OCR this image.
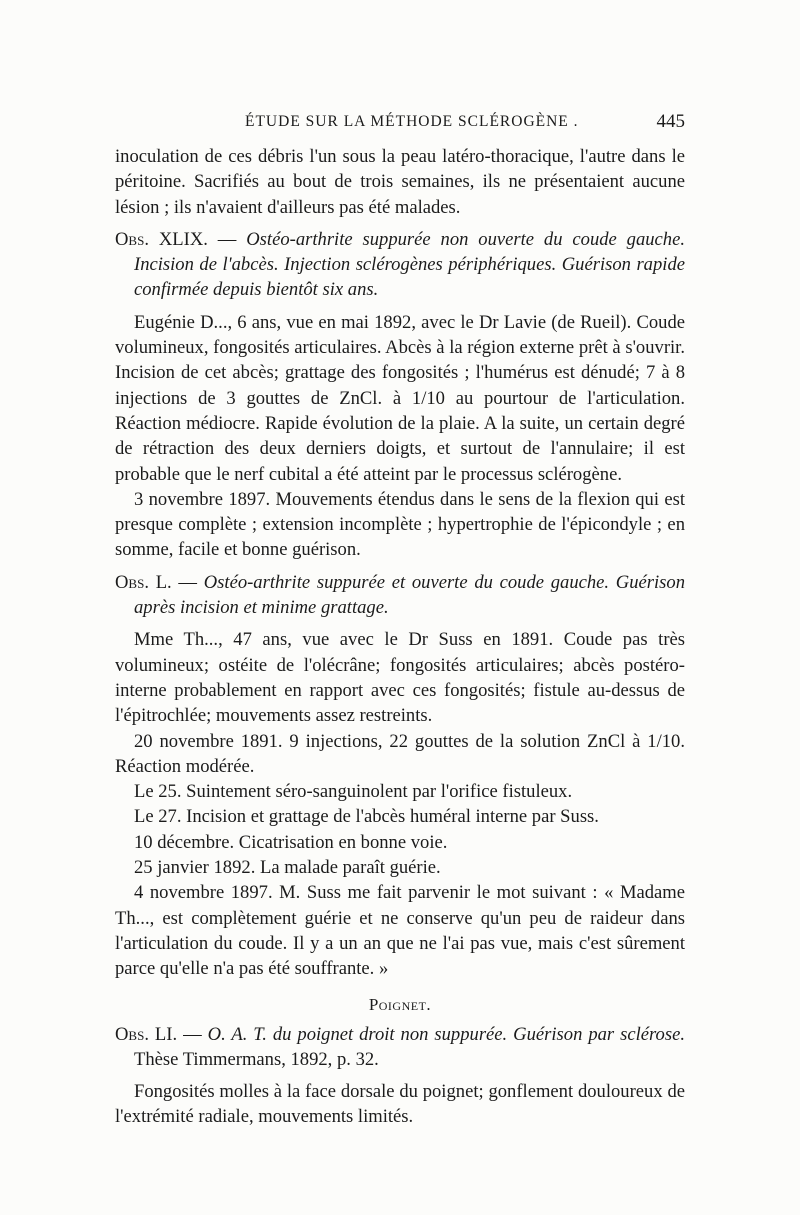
ÉTUDE SUR LA MÉTHODE SCLÉROGÈNE .	445

inoculation de ces débris l'un sous la peau latéro-thoracique, l'autre dans le péritoine. Sacrifiés au bout de trois semaines, ils ne présentaient aucune lésion ; ils n'avaient d'ailleurs pas été malades.

Obs. XLIX. — Ostéo-arthrite suppurée non ouverte du coude gauche. Incision de l'abcès. Injection sclérogènes périphériques. Guérison rapide confirmée depuis bientôt six ans.

Eugénie D..., 6 ans, vue en mai 1892, avec le Dr Lavie (de Rueil). Coude volumineux, fongosités articulaires. Abcès à la région externe prêt à s'ouvrir. Incision de cet abcès; grattage des fongosités ; l'humérus est dénudé; 7 à 8 injections de 3 gouttes de ZnCl. à 1/10 au pourtour de l'articulation. Réaction médiocre. Rapide évolution de la plaie. A la suite, un certain degré de rétraction des deux derniers doigts, et surtout de l'annulaire; il est probable que le nerf cubital a été atteint par le processus sclérogène.

3 novembre 1897. Mouvements étendus dans le sens de la flexion qui est presque complète ; extension incomplète ; hypertrophie de l'épicondyle ; en somme, facile et bonne guérison.

Obs. L. — Ostéo-arthrite suppurée et ouverte du coude gauche. Guérison après incision et minime grattage.

Mme Th..., 47 ans, vue avec le Dr Suss en 1891. Coude pas très volumineux; ostéite de l'olécrâne; fongosités articulaires; abcès postéro-interne probablement en rapport avec ces fongosités; fistule au-dessus de l'épitrochlée; mouvements assez restreints.

20 novembre 1891. 9 injections, 22 gouttes de la solution ZnCl à 1/10. Réaction modérée.

Le 25. Suintement séro-sanguinolent par l'orifice fistuleux.

Le 27. Incision et grattage de l'abcès huméral interne par Suss.

10 décembre. Cicatrisation en bonne voie.

25 janvier 1892. La malade paraît guérie.

4 novembre 1897. M. Suss me fait parvenir le mot suivant : « Madame Th..., est complètement guérie et ne conserve qu'un peu de raideur dans l'articulation du coude. Il y a un an que ne l'ai pas vue, mais c'est sûrement parce qu'elle n'a pas été souffrante. »

Poignet.

Obs. LI. — O. A. T. du poignet droit non suppurée. Guérison par sclérose. Thèse Timmermans, 1892, p. 32.

Fongosités molles à la face dorsale du poignet; gonflement douloureux de l'extrémité radiale, mouvements limités.
